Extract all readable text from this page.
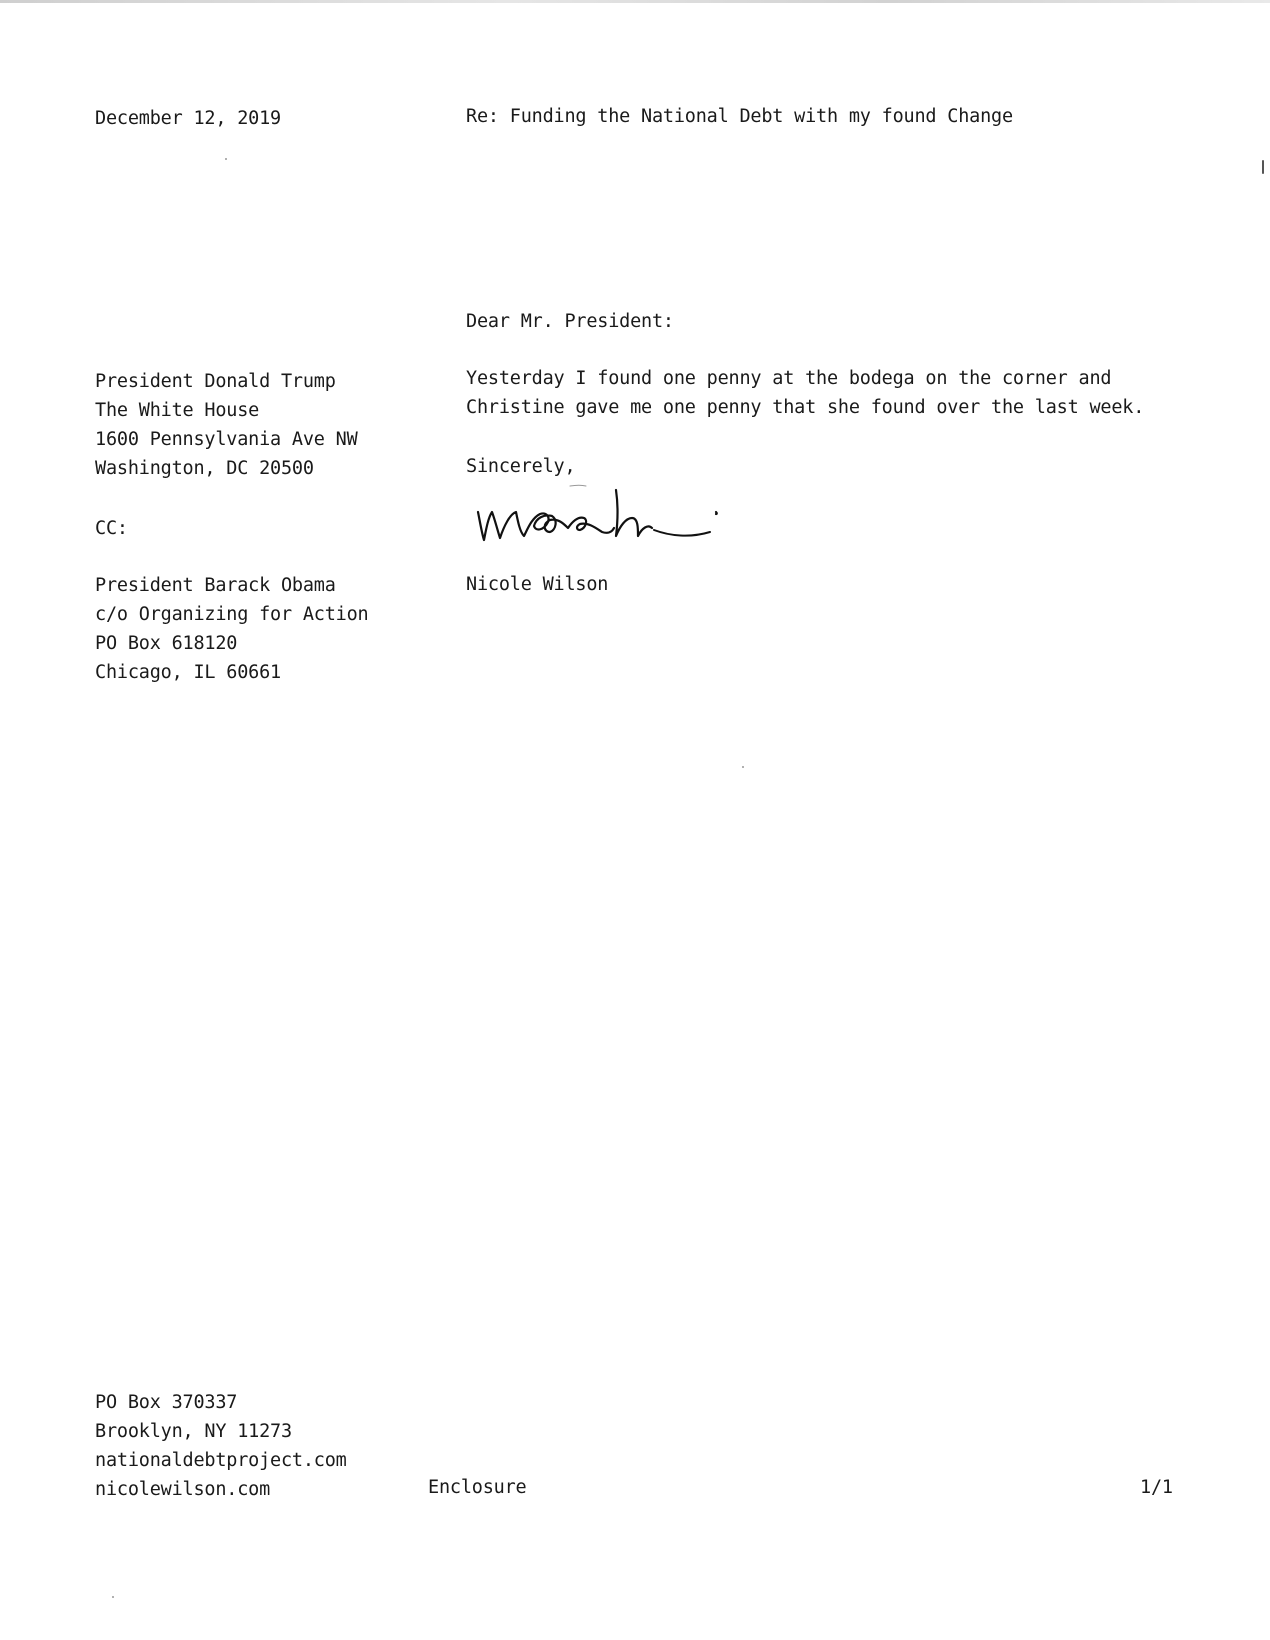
December 12, 2019	Re: Funding the National Debt with my found Change
Dear Mr. President:
President Donald Trump
The White House
1600 Pennsylvania Ave NW
Washington, DC 20500
CC:
President Barack Obama
c/o Organizing for Action
PO Box 618120
Chicago, IL 60661
Yesterday I found one penny at the bodega on the corner and
Christine gave me one penny that she found over the last week.
Sincerely,
Nicole Wilson
PO Box 370337
Brooklyn, NY 11273
nationaldebtproject.com
nicolewilson.com	Enclosure	1/1
